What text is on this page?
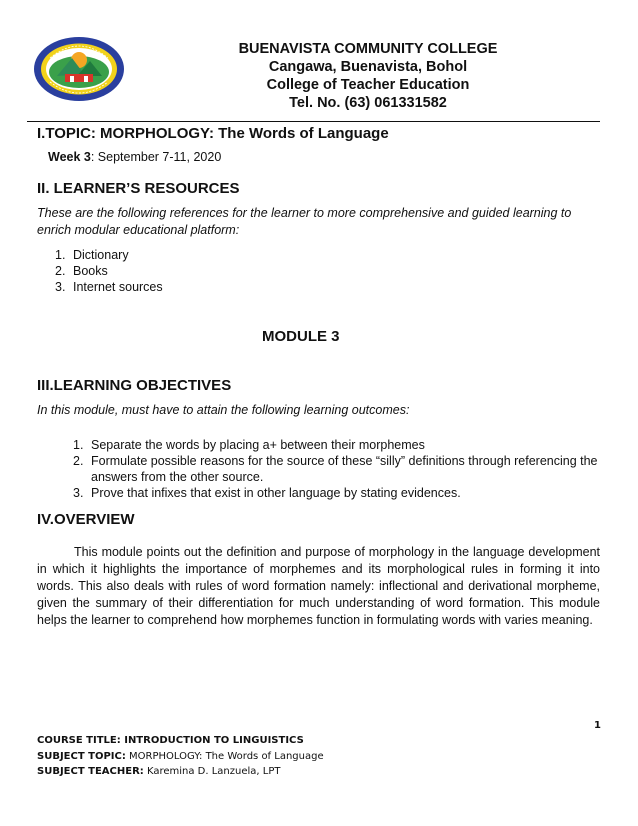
BUENAVISTA COMMUNITY COLLEGE
Cangawa, Buenavista, Bohol
College of Teacher Education
Tel. No. (63) 061331582
I.TOPIC: MORPHOLOGY: The Words of Language
Week 3: September 7-11, 2020
II. LEARNER’S RESOURCES
These are the following references for the learner to more comprehensive and guided learning to enrich modular educational platform:
1. Dictionary
2. Books
3. Internet sources
MODULE 3
III.LEARNING OBJECTIVES
In this module, must have to attain the following learning outcomes:
1. Separate the words by placing a+ between their morphemes
2. Formulate possible reasons for the source of these “silly” definitions through referencing the answers from the other source.
3. Prove that infixes that exist in other language by stating evidences.
IV.OVERVIEW
This module points out the definition and purpose of morphology in the language development in which it highlights the importance of morphemes and its morphological rules in forming it into words. This also deals with rules of word formation namely: inflectional and derivational morpheme, given the summary of their differentiation for much understanding of word formation. This module helps the learner to comprehend how morphemes function in formulating words with varies meaning.
1
COURSE TITLE: INTRODUCTION TO LINGUISTICS
SUBJECT TOPIC: MORPHOLOGY: The Words of Language
SUBJECT TEACHER: Karemina D. Lanzuela, LPT
